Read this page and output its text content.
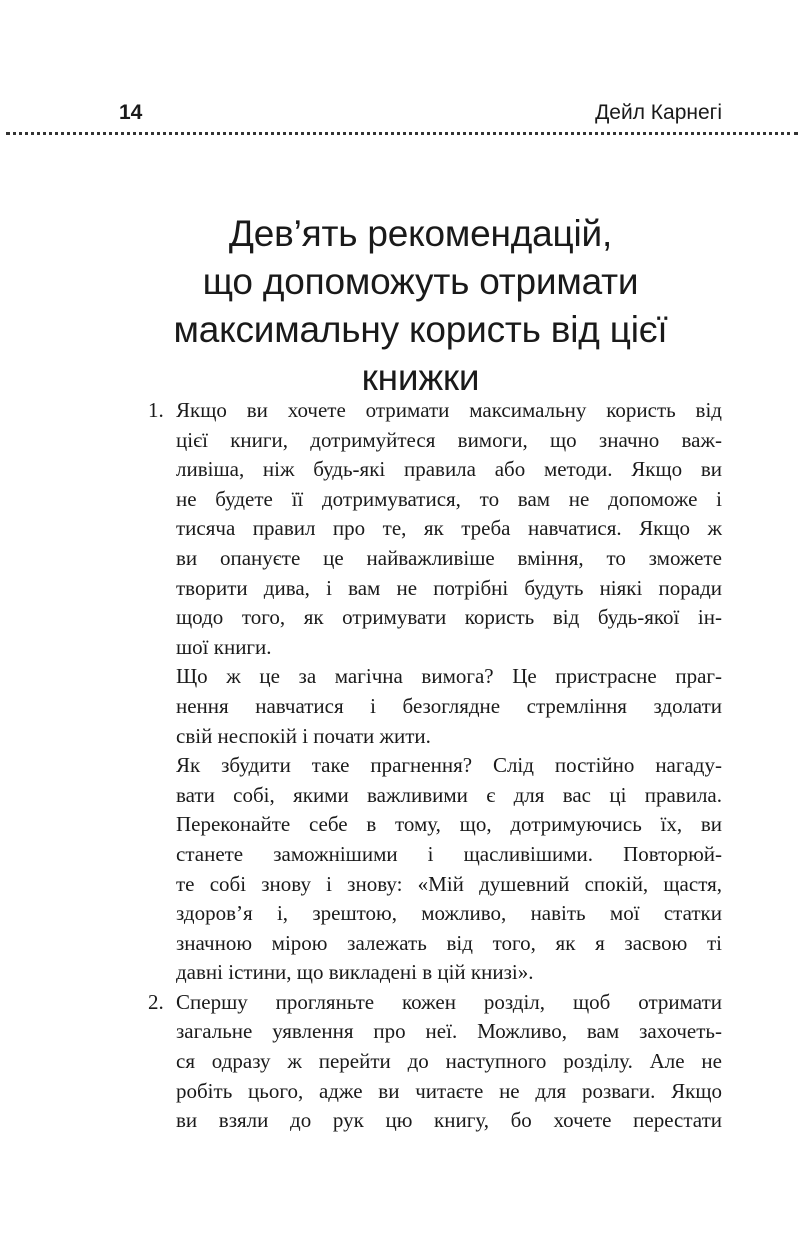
14	Дейл Карнегі
Дев’ять рекомендацій,
що допоможуть отримати
максимальну користь від цієї
книжки
1. Якщо ви хочете отримати максимальну користь від
цієї книги, дотримуйтеся вимоги, що значно важ-
ливіша, ніж будь-які правила або методи. Якщо ви
не будете її дотримуватися, то вам не допоможе і
тисяча правил про те, як треба навчатися. Якщо ж
ви опануєте це найважливіше вміння, то зможете
творити дива, і вам не потрібні будуть ніякі поради
щодо того, як отримувати користь від будь-якої ін-
шої книги.
Що ж це за магічна вимога? Це пристрасне праг-
нення навчатися і безоглядне стремління здолати
свій неспокій і почати жити.
Як збудити таке прагнення? Слід постійно нагаду-
вати собі, якими важливими є для вас ці правила.
Переконайте себе в тому, що, дотримуючись їх, ви
станете заможнішими і щасливішими. Повторюй-
те собі знову і знову: «Мій душевний спокій, щастя,
здоров’я і, зрештою, можливо, навіть мої статки
значною мірою залежать від того, як я засвою ті
давні істини, що викладені в цій книзі».
2. Спершу прогляньте кожен розділ, щоб отримати
загальне уявлення про неї. Можливо, вам захочеть-
ся одразу ж перейти до наступного розділу. Але не
робіть цього, адже ви читаєте не для розваги. Якщо
ви взяли до рук цю книгу, бо хочете перестати
